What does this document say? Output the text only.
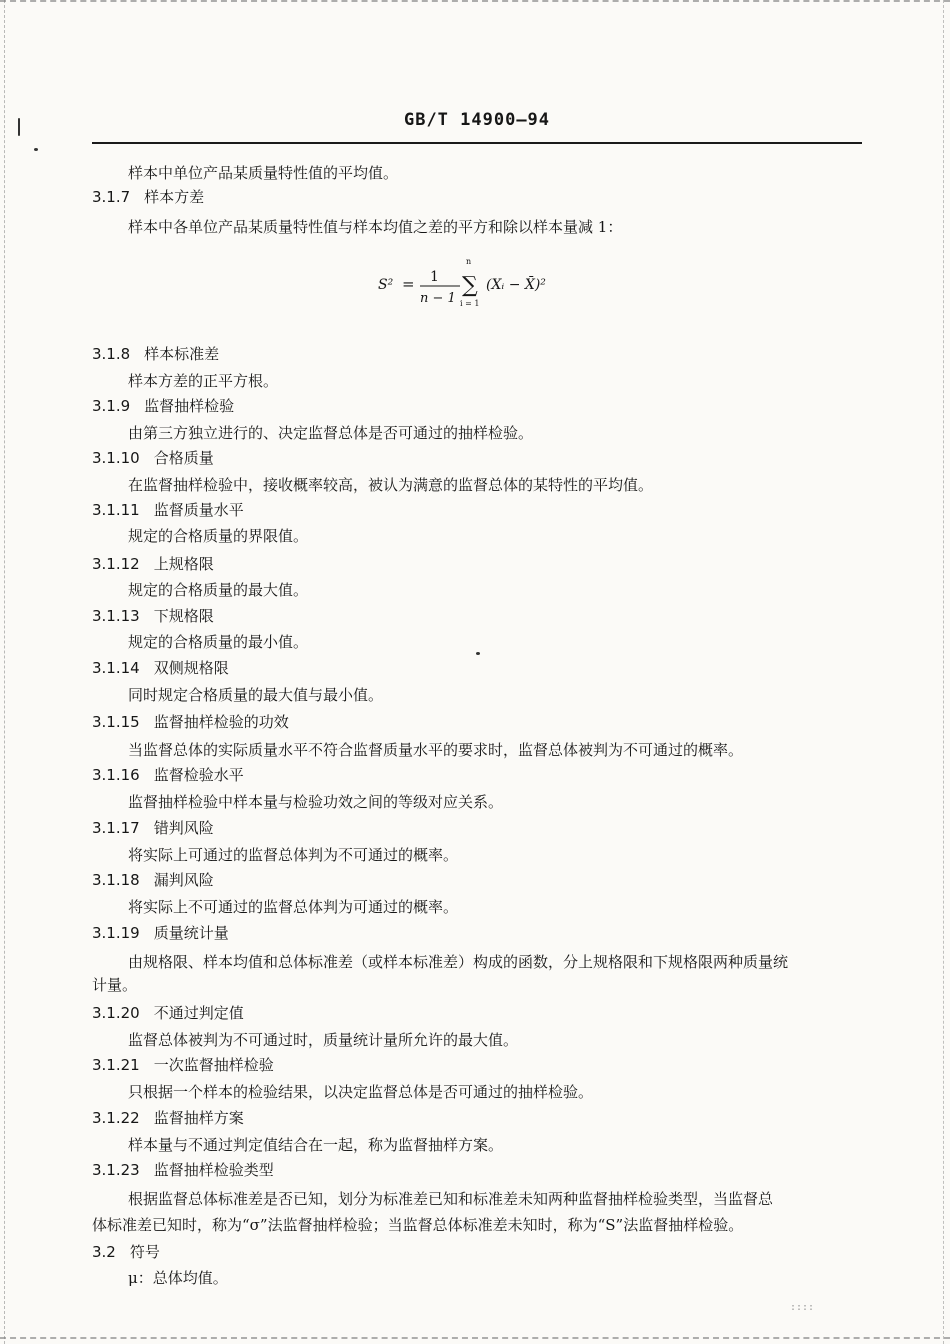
GB/T 14900—94
样本中单位产品某质量特性值的平均值。
3.1.7 样本方差
样本中各单位产品某质量特性值与样本均值之差的平方和除以样本量减 1：
3.1.8 样本标准差
样本方差的正平方根。
3.1.9 监督抽样检验
由第三方独立进行的、决定监督总体是否可通过的抽样检验。
3.1.10 合格质量
在监督抽样检验中，接收概率较高，被认为满意的监督总体的某特性的平均值。
3.1.11 监督质量水平
规定的合格质量的界限值。
3.1.12 上规格限
规定的合格质量的最大值。
3.1.13 下规格限
规定的合格质量的最小值。
3.1.14 双侧规格限
同时规定合格质量的最大值与最小值。
3.1.15 监督抽样检验的功效
当监督总体的实际质量水平不符合监督质量水平的要求时，监督总体被判为不可通过的概率。
3.1.16 监督检验水平
监督抽样检验中样本量与检验功效之间的等级对应关系。
3.1.17 错判风险
将实际上可通过的监督总体判为不可通过的概率。
3.1.18 漏判风险
将实际上不可通过的监督总体判为可通过的概率。
3.1.19 质量统计量
由规格限、样本均值和总体标准差（或样本标准差）构成的函数，分上规格限和下规格限两种质量统
计量。
3.1.20 不通过判定值
监督总体被判为不可通过时，质量统计量所允许的最大值。
3.1.21 一次监督抽样检验
只根据一个样本的检验结果，以决定监督总体是否可通过的抽样检验。
3.1.22 监督抽样方案
样本量与不通过判定值结合在一起，称为监督抽样方案。
3.1.23 监督抽样检验类型
根据监督总体标准差是否已知，划分为标准差已知和标准差未知两种监督抽样检验类型，当监督总
体标准差已知时，称为“σ”法监督抽样检验；当监督总体标准差未知时，称为“S”法监督抽样检验。
3.2 符号
μ：总体均值。
S² = 1
n − 1
n
∑
i = 1
(Xᵢ − X̄)²
::::
